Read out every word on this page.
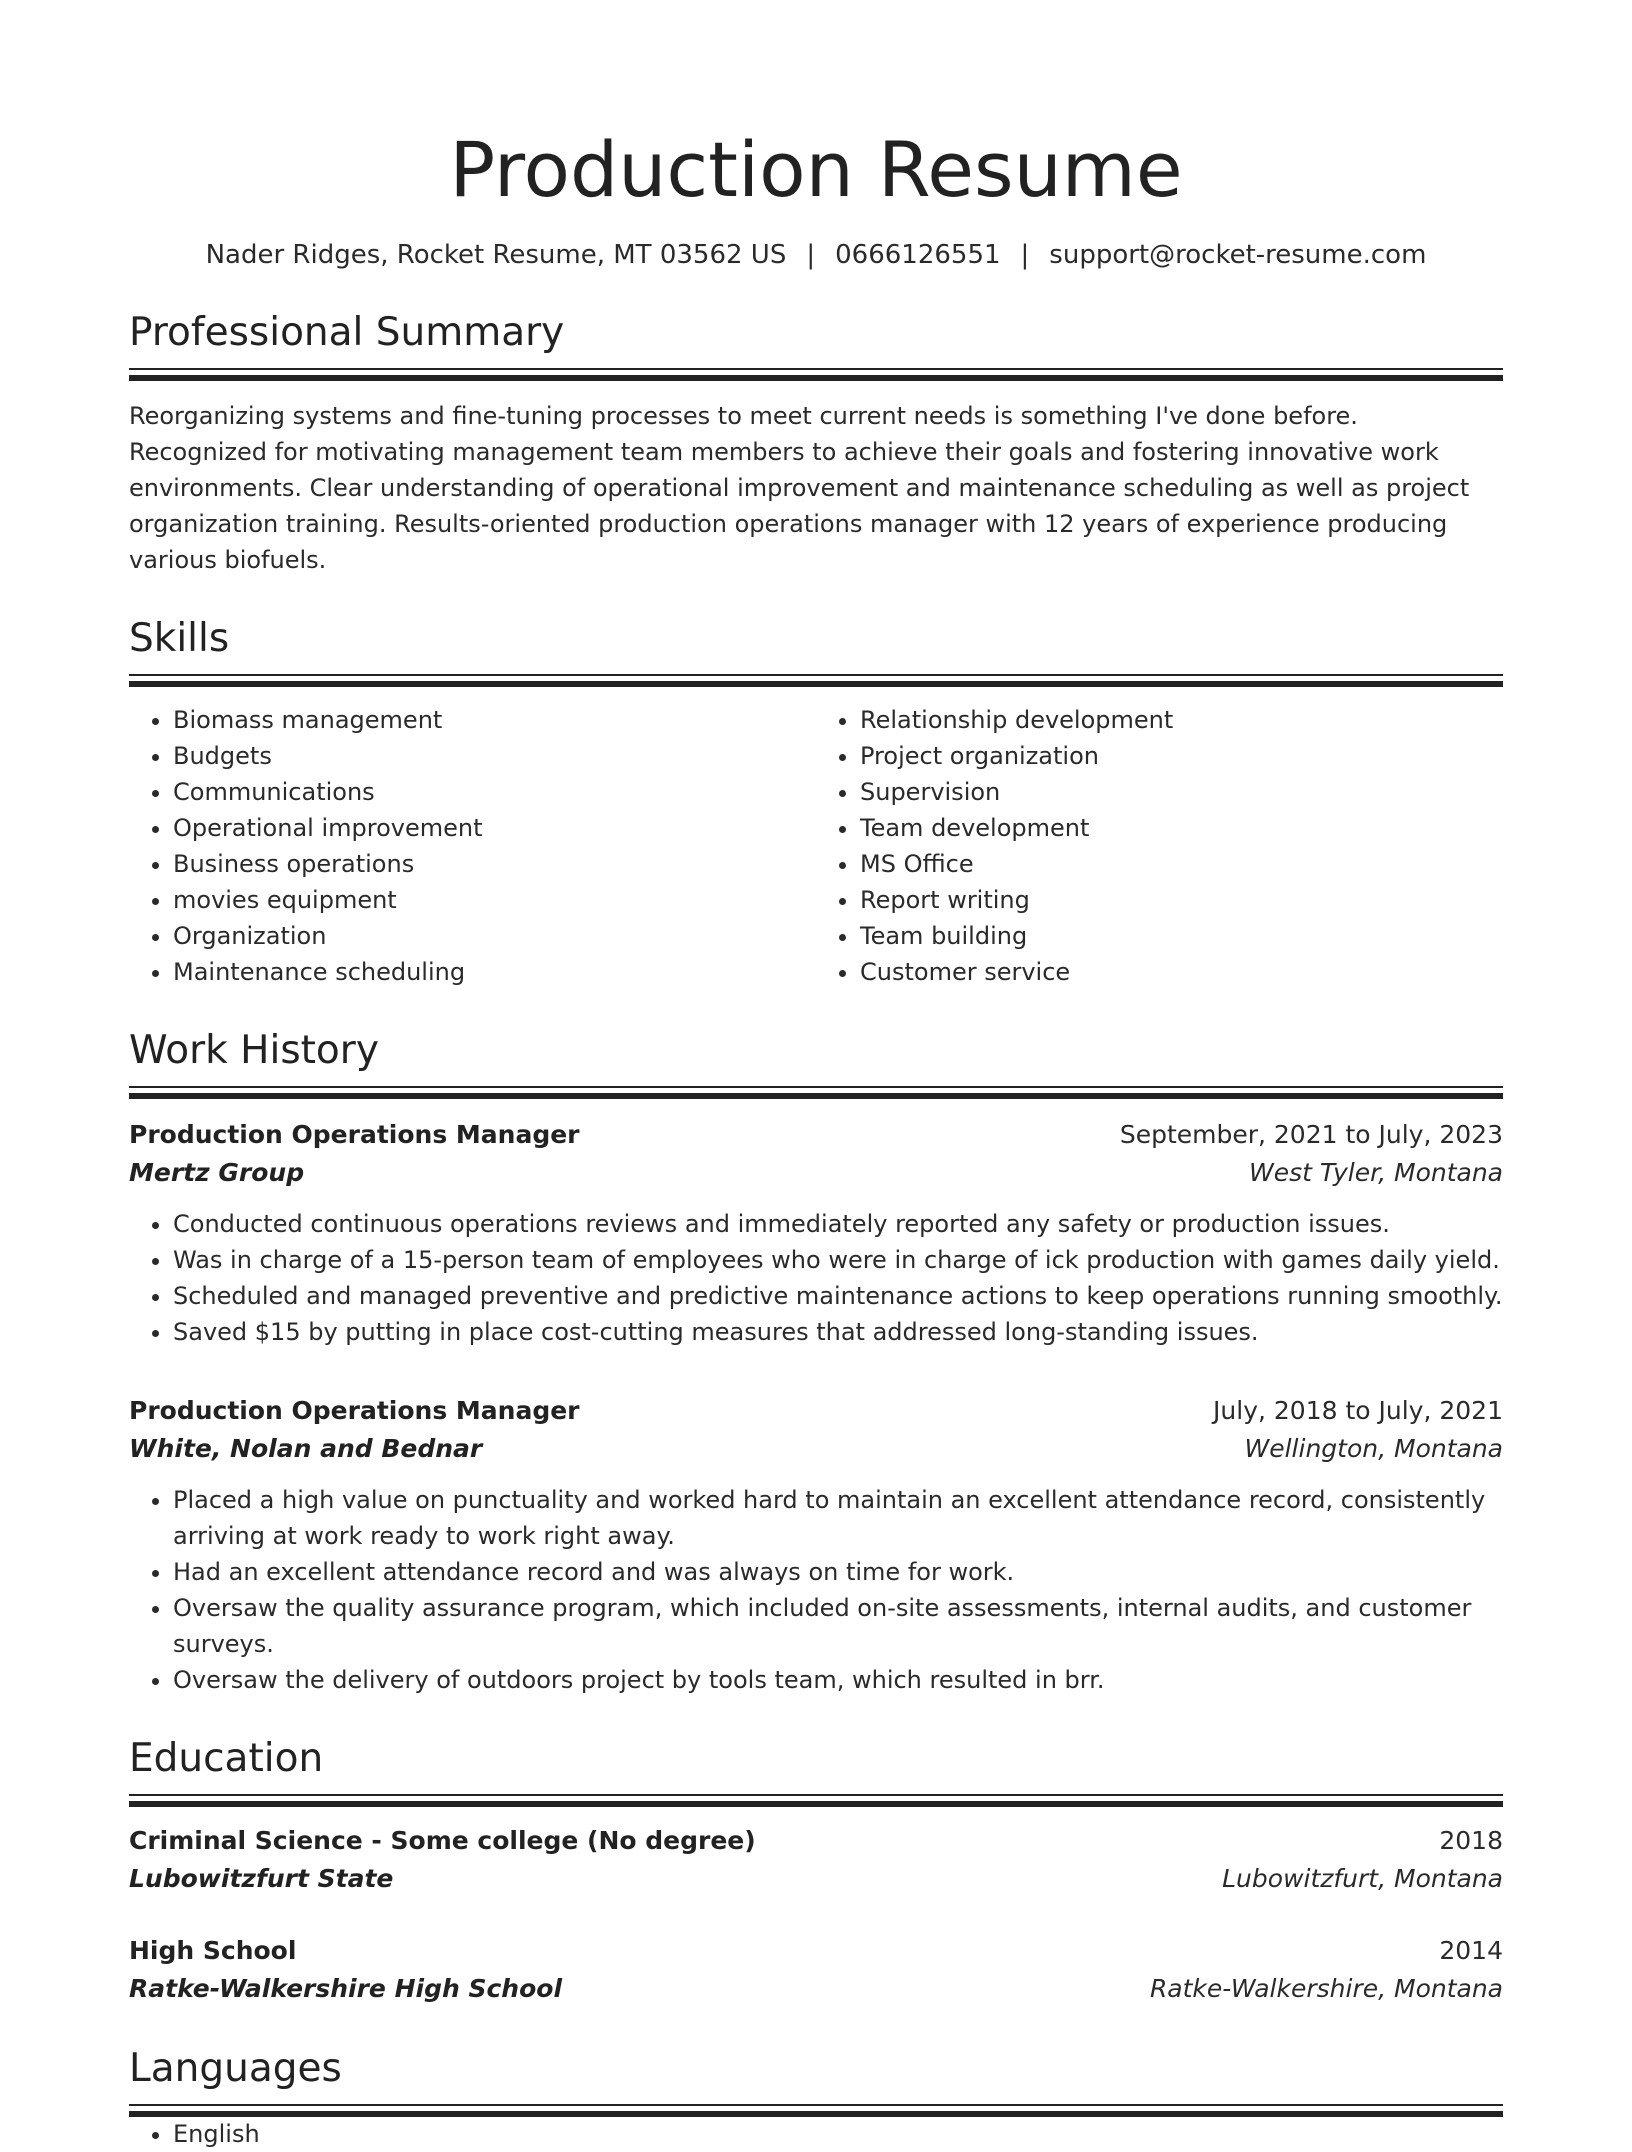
Production Resume
Nader Ridges, Rocket Resume, MT 03562 US | 0666126551 | support@rocket-resume.com
Professional Summary

Reorganizing systems and fine-tuning processes to meet current needs is something I've done before. Recognized for motivating management team members to achieve their goals and fostering innovative work environments. Clear understanding of operational improvement and maintenance scheduling as well as project organization training. Results-oriented production operations manager with 12 years of experience producing various biofuels.

Skills
• Biomass management
• Budgets
• Communications
• Operational improvement
• Business operations
• movies equipment
• Organization
• Maintenance scheduling
• Relationship development
• Project organization
• Supervision
• Team development
• MS Office
• Report writing
• Team building
• Customer service
Work History
Production Operations Manager	September, 2021 to July, 2023
Mertz Group	West Tyler, Montana
• Conducted continuous operations reviews and immediately reported any safety or production issues.
• Was in charge of a 15-person team of employees who were in charge of ick production with games daily yield.
• Scheduled and managed preventive and predictive maintenance actions to keep operations running smoothly.
• Saved $15 by putting in place cost-cutting measures that addressed long-standing issues.
Production Operations Manager	July, 2018 to July, 2021
White, Nolan and Bednar	Wellington, Montana
• Placed a high value on punctuality and worked hard to maintain an excellent attendance record, consistently arriving at work ready to work right away.
• Had an excellent attendance record and was always on time for work.
• Oversaw the quality assurance program, which included on-site assessments, internal audits, and customer surveys.
• Oversaw the delivery of outdoors project by tools team, which resulted in brr.
Education
Criminal Science - Some college (No degree)	2018
Lubowitzfurt State	Lubowitzfurt, Montana
High School	2014
Ratke-Walkershire High School	Ratke-Walkershire, Montana
Languages
• English
